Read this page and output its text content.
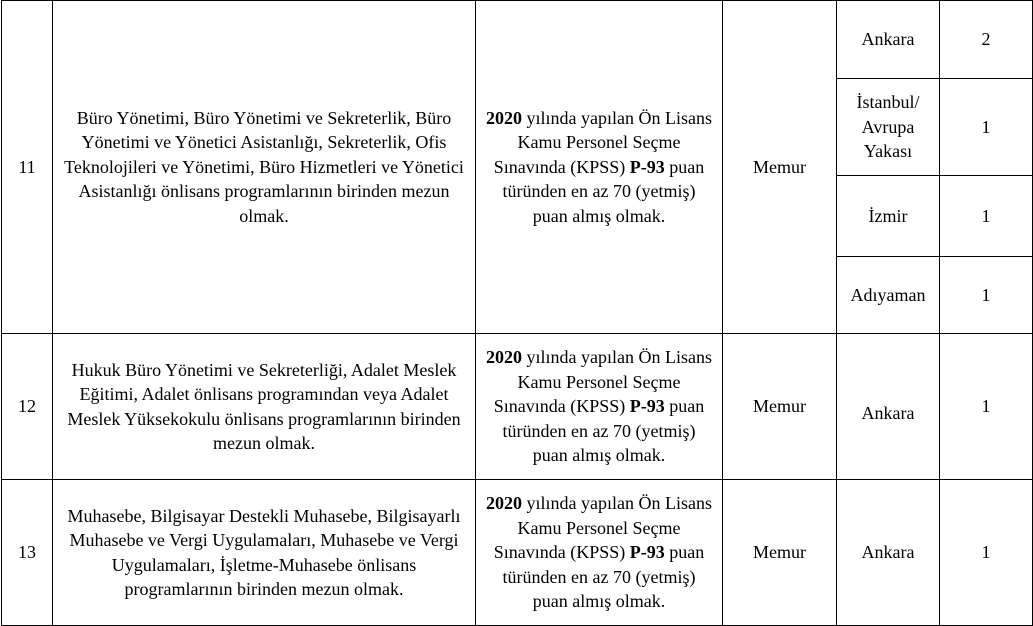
11	Büro Yönetimi, Büro Yönetimi ve Sekreterlik, Büro Yönetimi ve Yönetici Asistanlığı, Sekreterlik, Ofis Teknolojileri ve Yönetimi, Büro Hizmetleri ve Yönetici Asistanlığı önlisans programlarının birinden mezun olmak.	2020 yılında yapılan Ön Lisans Kamu Personel Seçme Sınavında (KPSS) P-93 puan türünden en az 70 (yetmiş) puan almış olmak.	Memur	Ankara	2
				İstanbul/ Avrupa Yakası	1
				İzmir	1
				Adıyaman	1
12	Hukuk Büro Yönetimi ve Sekreterliği, Adalet Meslek Eğitimi, Adalet önlisans programından veya Adalet Meslek Yüksekokulu önlisans programlarının birinden mezun olmak.	2020 yılında yapılan Ön Lisans Kamu Personel Seçme Sınavında (KPSS) P-93 puan türünden en az 70 (yetmiş) puan almış olmak.	Memur	Ankara	1
13	Muhasebe, Bilgisayar Destekli Muhasebe, Bilgisayarlı Muhasebe ve Vergi Uygulamaları, Muhasebe ve Vergi Uygulamaları, İşletme-Muhasebe önlisans programlarının birinden mezun olmak.	2020 yılında yapılan Ön Lisans Kamu Personel Seçme Sınavında (KPSS) P-93 puan türünden en az 70 (yetmiş) puan almış olmak.	Memur	Ankara	1
